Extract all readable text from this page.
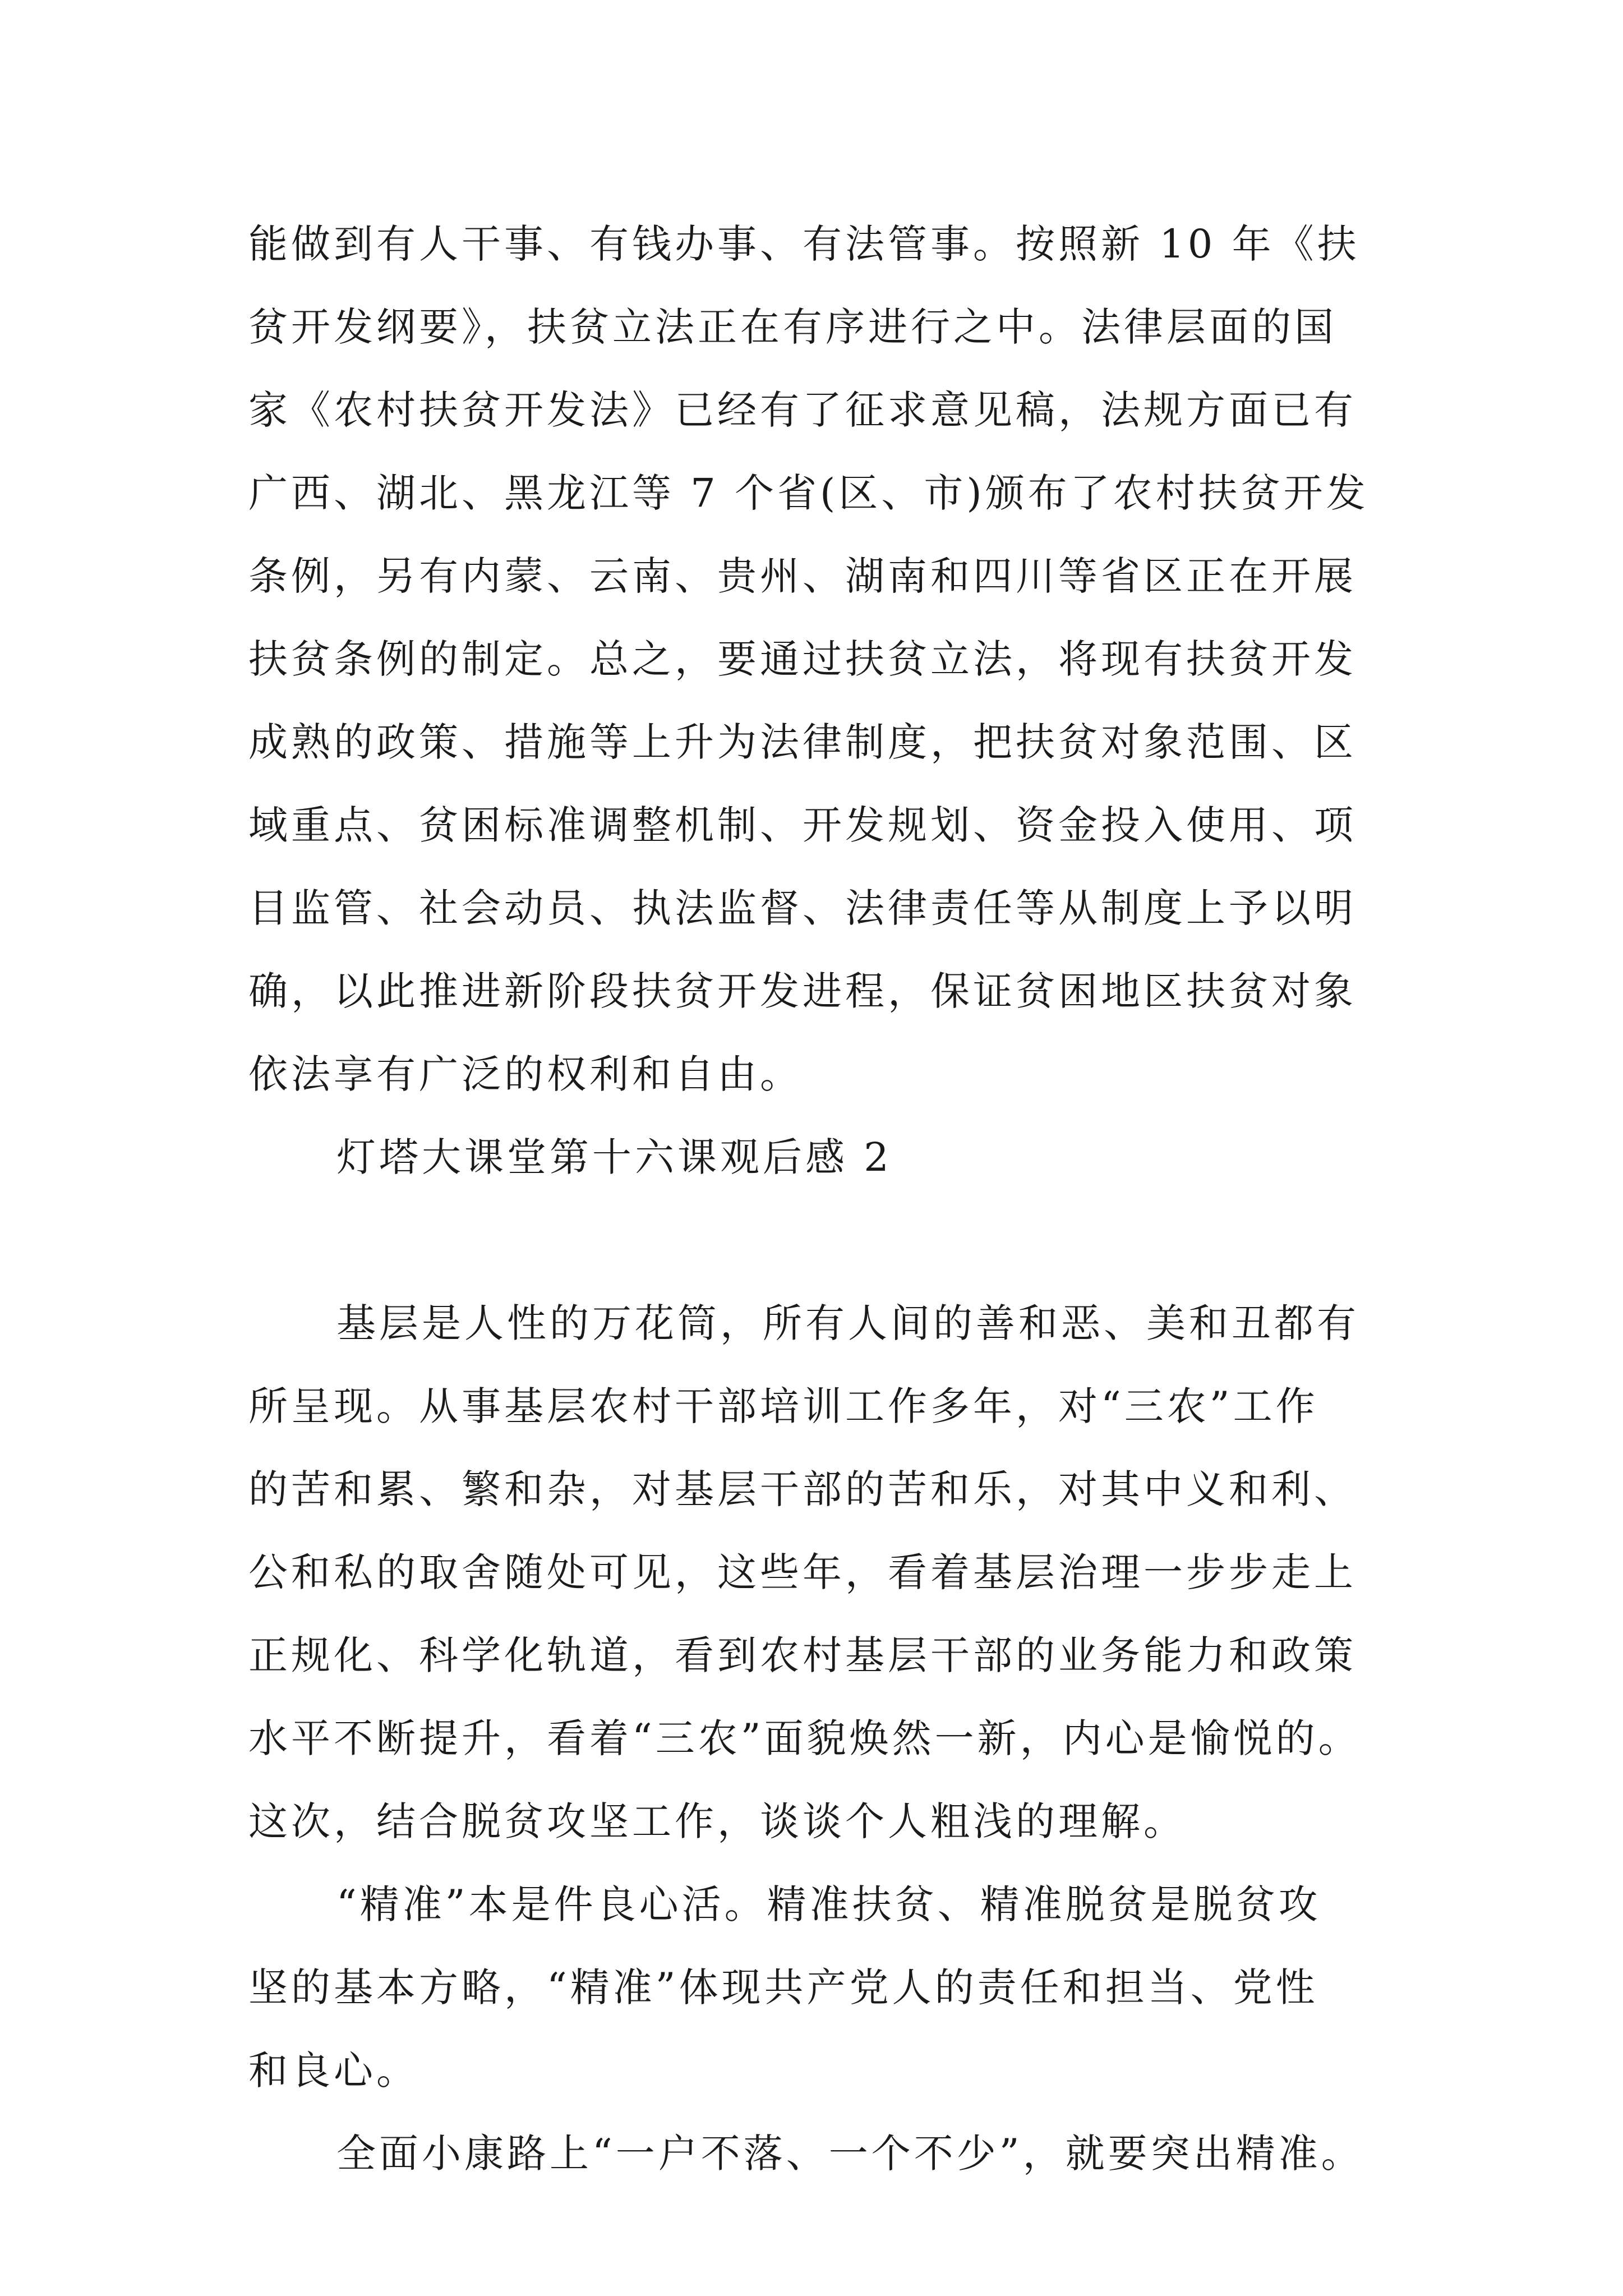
能做到有人干事、有钱办事、有法管事。按照新 10 年《扶
贫开发纲要》，扶贫立法正在有序进行之中。法律层面的国
家《农村扶贫开发法》已经有了征求意见稿，法规方面已有
广西、湖北、黑龙江等 7 个省(区、市)颁布了农村扶贫开发
条例，另有内蒙、云南、贵州、湖南和四川等省区正在开展
扶贫条例的制定。总之，要通过扶贫立法，将现有扶贫开发
成熟的政策、措施等上升为法律制度，把扶贫对象范围、区
域重点、贫困标准调整机制、开发规划、资金投入使用、项
目监管、社会动员、执法监督、法律责任等从制度上予以明
确，以此推进新阶段扶贫开发进程，保证贫困地区扶贫对象
依法享有广泛的权利和自由。
灯塔大课堂第十六课观后感 2
基层是人性的万花筒，所有人间的善和恶、美和丑都有
所呈现。从事基层农村干部培训工作多年，对“三农”工作
的苦和累、繁和杂，对基层干部的苦和乐，对其中义和利、
公和私的取舍随处可见，这些年，看着基层治理一步步走上
正规化、科学化轨道，看到农村基层干部的业务能力和政策
水平不断提升，看着“三农”面貌焕然一新，内心是愉悦的。
这次，结合脱贫攻坚工作，谈谈个人粗浅的理解。
“精准”本是件良心活。精准扶贫、精准脱贫是脱贫攻
坚的基本方略，“精准”体现共产党人的责任和担当、党性
和良心。
全面小康路上“一户不落、一个不少”，就要突出精准。
